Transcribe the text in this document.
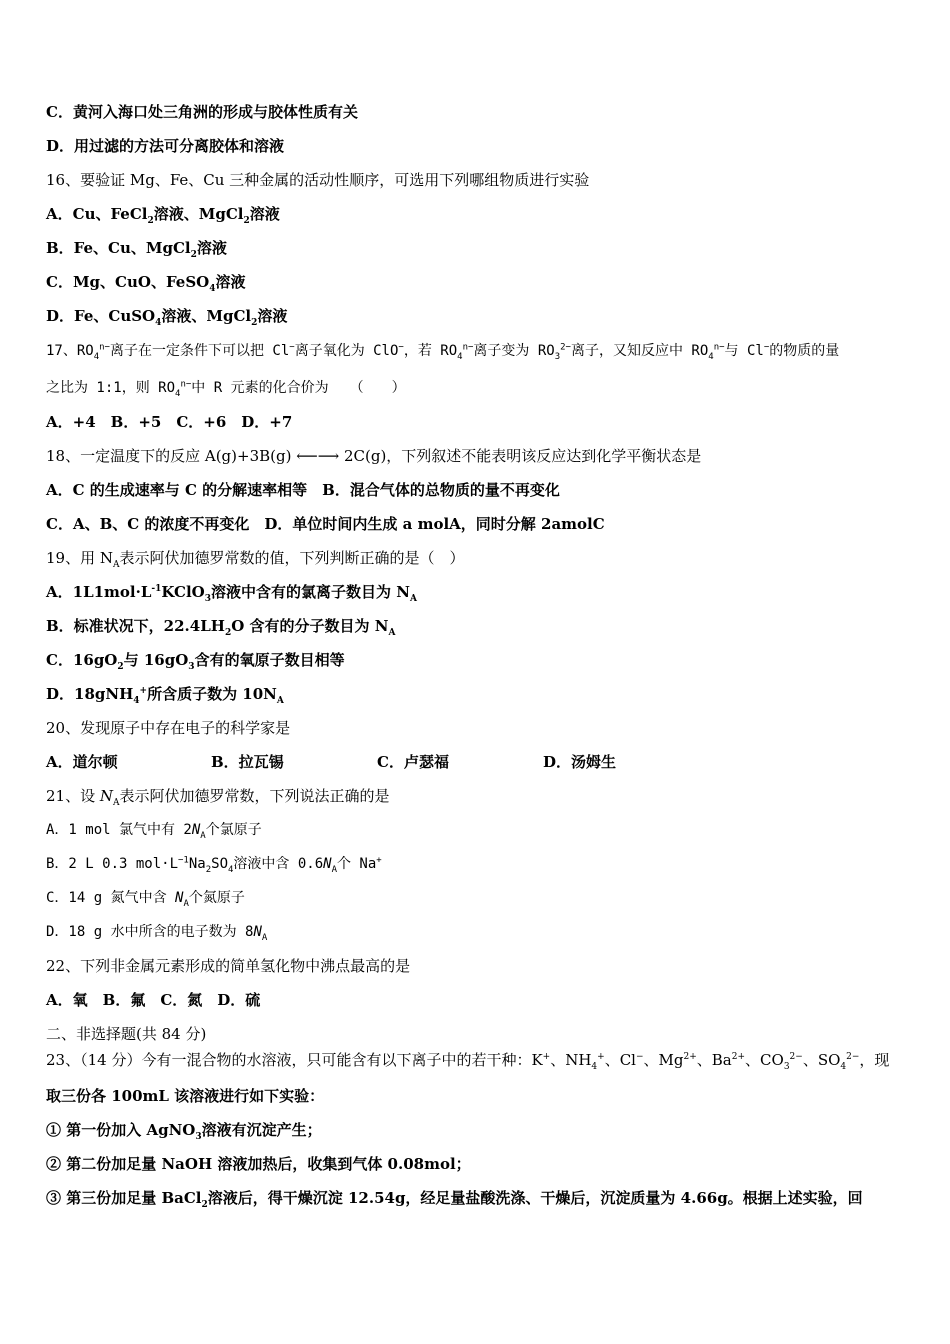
C．黄河入海口处三角洲的形成与胶体性质有关
D．用过滤的方法可分离胶体和溶液
16、要验证 Mg、Fe、Cu 三种金属的活动性顺序，可选用下列哪组物质进行实验
A．Cu、FeCl$_2$溶液、MgCl$_2$溶液
B．Fe、Cu、MgCl$_2$溶液
C．Mg、CuO、FeSO$_4$溶液
D．Fe、CuSO$_4$溶液、MgCl$_2$溶液
17、$RO_4^{n-}$离子在一定条件下可以把 Cl−离子氧化为 ClO−，若 $RO_4^{n-}$离子变为 $RO_3^{2-}$离子，又知反应中 $RO_4^{n-}$与 Cl−的物质的量
之比为 1:1，则 $RO_4^{n-}$中 R 元素的化合价为　　（　　）
A．+4　B．+5　C．+6　D．+7
18、一定温度下的反应 A(g)+3B(g) ⟵⟶ 2C(g)，下列叙述不能表明该反应达到化学平衡状态是
A．C 的生成速率与 C 的分解速率相等　B．混合气体的总物质的量不再变化
C．A、B、C 的浓度不再变化　D．单位时间内生成 a molA，同时分解 2amolC
19、用 $N_A$表示阿伏加德罗常数的值，下列判断正确的是（　）
A．$1L1mol\cdot L^{-1}KClO_3$溶液中含有的氯离子数目为 $N_A$
B．标准状况下，$22.4LH_2O$ 含有的分子数目为 $N_A$
C．$16gO_2$与 $16gO_3$含有的氧原子数目相等
D．18gNH$_4$+所含质子数为 $10N_A$
20、发现原子中存在电子的科学家是
A．道尔顿	B．拉瓦锡	C．卢瑟福	D．汤姆生
21、设 $N_A$表示阿伏加德罗常数，下列说法正确的是
A．1 mol 氯气中有 $2N_A$个氯原子
B．2 L 0.3 $mol\cdot L^{-1}Na_2SO_4$溶液中含 $0.6N_A$个 Na+
C．14 g 氮气中含 $N_A$个氮原子
D．18 g 水中所含的电子数为 $8N_A$
22、下列非金属元素形成的简单氢化物中沸点最高的是
A．氧　B．氟　C．氮　D．硫
二、非选择题(共 84 分)
23、（14 分）今有一混合物的水溶液，只可能含有以下离子中的若干种：K+、$NH_4^+$、Cl−、$Mg^{2+}$、$Ba^{2+}$、$CO_3^{2-}$、$SO_4^{2-}$，现
取三份各 100mL 该溶液进行如下实验：
① 第一份加入 AgNO$_3$溶液有沉淀产生；
② 第二份加足量 NaOH 溶液加热后，收集到气体 0.08mol；
③ 第三份加足量 BaCl$_2$溶液后，得干燥沉淀 12.54g，经足量盐酸洗涤、干燥后，沉淀质量为 4.66g。根据上述实验，回
